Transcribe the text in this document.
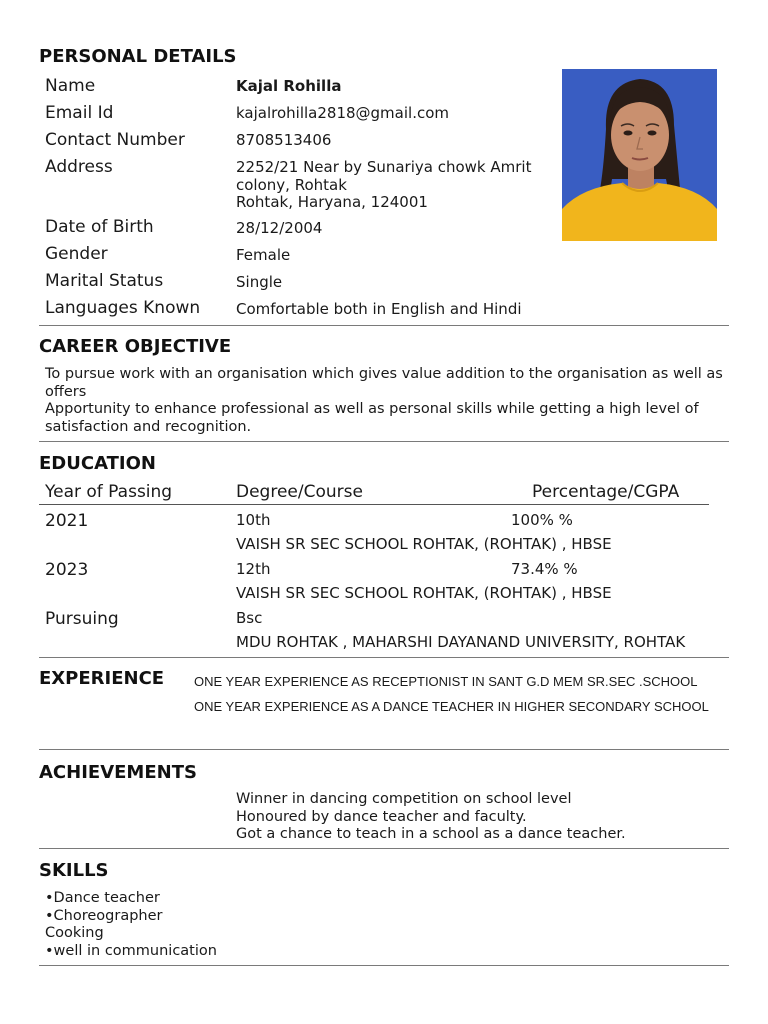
PERSONAL DETAILS
Name	Kajal Rohilla
Email Id	kajalrohilla2818@gmail.com
Contact Number	8708513406
Address	2252/21 Near by Sunariya chowk Amrit
colony, Rohtak
Rohtak, Haryana, 124001
Date of Birth	28/12/2004
Gender	Female
Marital Status	Single
Languages Known Comfortable both in English and Hindi
CAREER OBJECTIVE
To pursue work with an organisation which gives value addition to the organisation as well as
offers
Apportunity to enhance professional as well as personal skills while getting a high level of
satisfaction and recognition.
EDUCATION
Year of Passing	Degree/Course	Percentage/CGPA
2021	10th	100% %
VAISH SR SEC SCHOOL ROHTAK, (ROHTAK) , HBSE
2023	12th	73.4% %
VAISH SR SEC SCHOOL ROHTAK, (ROHTAK) , HBSE
Pursuing	Bsc
MDU ROHTAK , MAHARSHI DAYANAND UNIVERSITY, ROHTAK
EXPERIENCE ONE YEAR EXPERIENCE AS RECEPTIONIST IN SANT G.D MEM SR.SEC .SCHOOL
ONE YEAR EXPERIENCE AS A DANCE TEACHER IN HIGHER SECONDARY SCHOOL
ACHIEVEMENTS
Winner in dancing competition on school level
Honoured by dance teacher and faculty.
Got a chance to teach in a school as a dance teacher.
SKILLS
•Dance teacher
•Choreographer
Cooking
•well in communication
